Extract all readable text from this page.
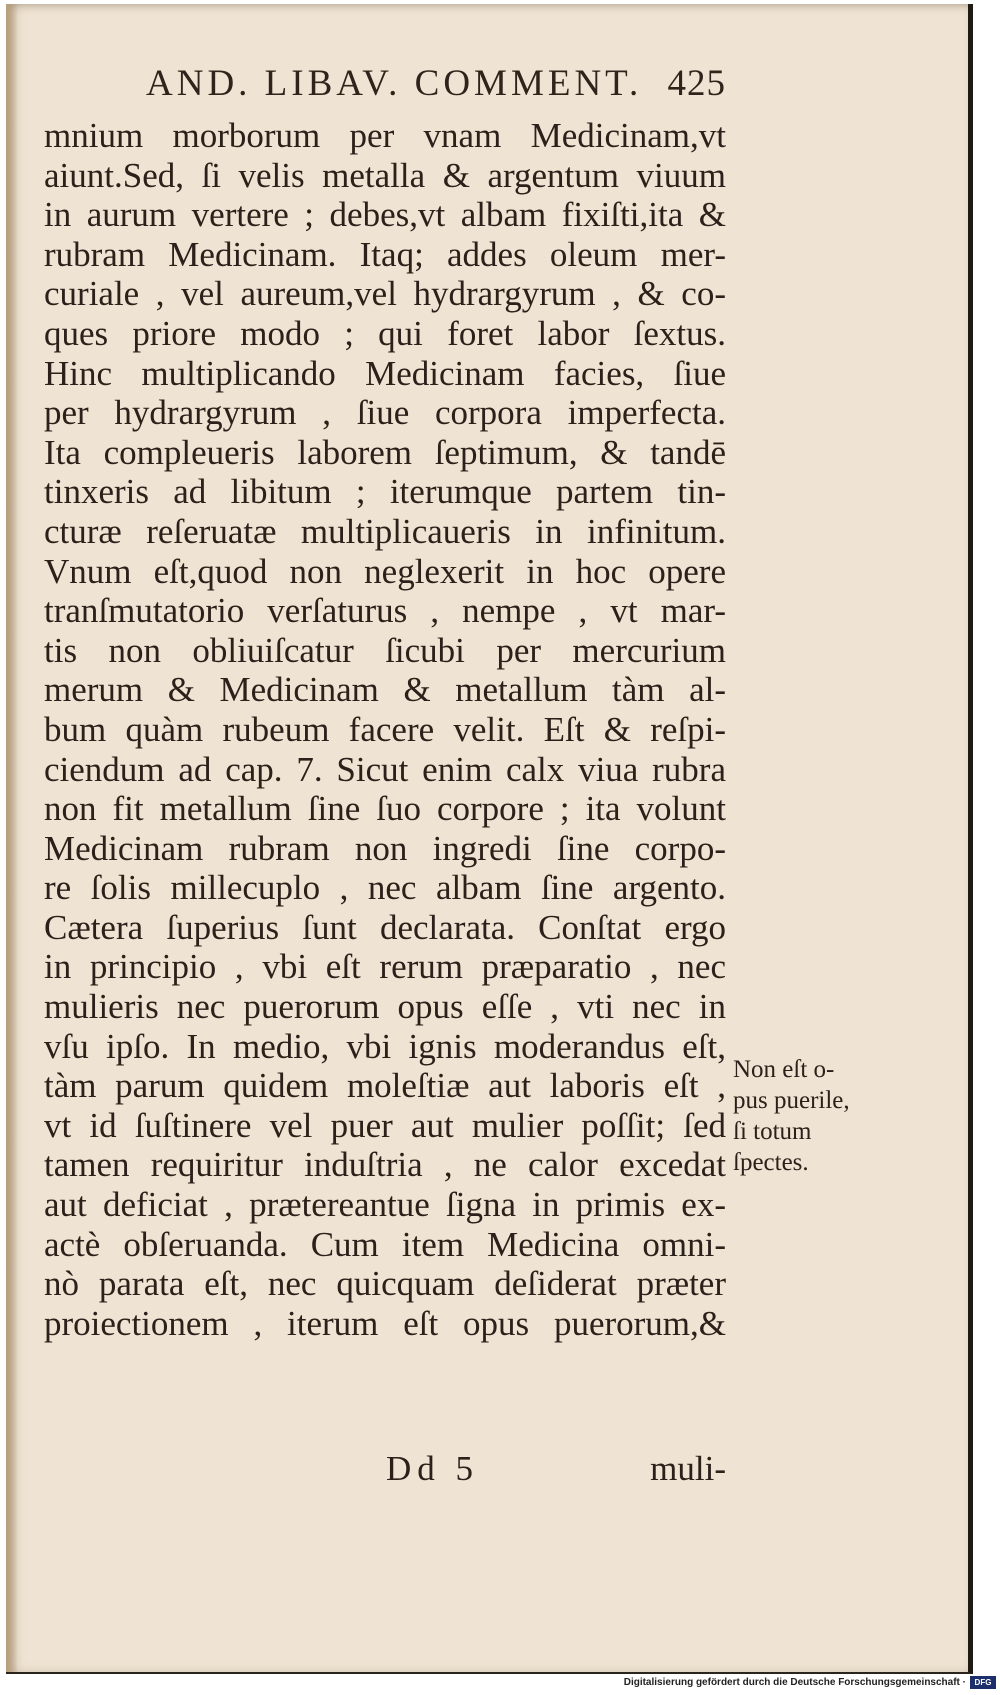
AND. LIBAV. COMMENT. 425
mnium morborum per vnam Medicinam,vt
aiunt.Sed, ſi velis metalla & argentum viuum
in aurum vertere ; debes,vt albam fixiſti,ita &
rubram Medicinam. Itaq; addes oleum mer-
curiale , vel aureum,vel hydrargyrum , & co-
ques priore modo ; qui foret labor ſextus.
Hinc multiplicando Medicinam facies, ſiue
per hydrargyrum , ſiue corpora imperfecta.
Ita compleueris laborem ſeptimum, & tandē
tinxeris ad libitum ; iterumque partem tin-
cturæ reſeruatæ multiplicaueris in infinitum.
Vnum eſt,quod non neglexerit in hoc opere
tranſmutatorio verſaturus , nempe , vt mar-
tis non obliuiſcatur ſicubi per mercurium
merum & Medicinam & metallum tàm al-
bum quàm rubeum facere velit. Eſt & reſpi-
ciendum ad cap. 7. Sicut enim calx viua rubra
non fit metallum ſine ſuo corpore ; ita volunt
Medicinam rubram non ingredi ſine corpo-
re ſolis millecuplo , nec albam ſine argento.
Cætera ſuperius ſunt declarata. Conſtat ergo
in principio , vbi eſt rerum præparatio , nec
mulieris nec puerorum opus eſſe , vti nec in
vſu ipſo. In medio, vbi ignis moderandus eſt,
tàm parum quidem moleſtiæ aut laboris eſt ,
vt id ſuſtinere vel puer aut mulier poſſit; ſed
tamen requiritur induſtria , ne calor excedat
aut deficiat , prætereantue ſigna in primis ex-
actè obſeruanda. Cum item Medicina omni-
nò parata eſt, nec quicquam deſiderat præter
proiectionem , iterum eſt opus puerorum,&
Non eſt o-
pus puerile,
ſi totum
ſpectes.
Dd 5	muli-
Digitalisierung gefördert durch die Deutsche Forschungsgemeinschaft ·	DFG
